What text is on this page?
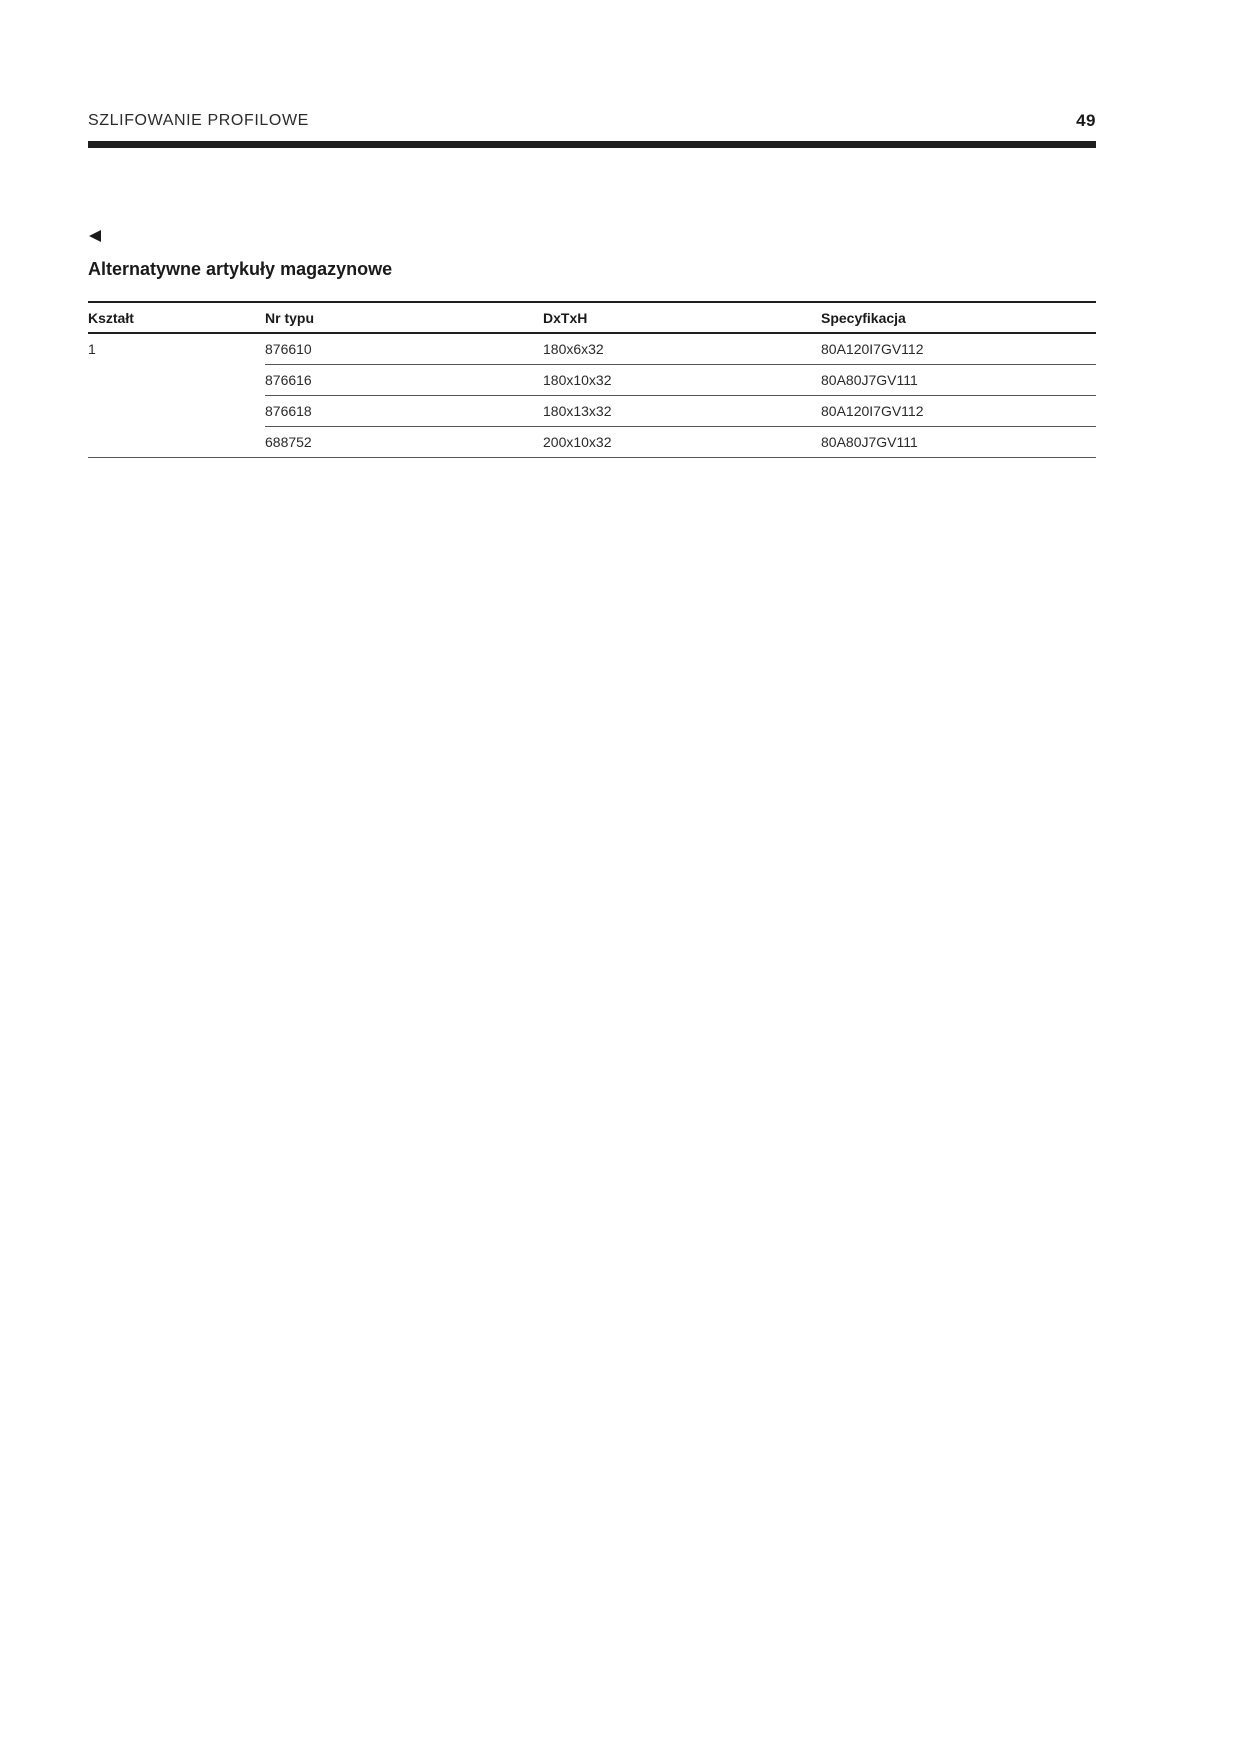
SZLIFOWANIE PROFILOWE	49
Alternatywne artykuły magazynowe
Kształt	Nr typu	DxTxH	Specyfikacja
1	876610	180x6x32	80A120I7GV112
	876616	180x10x32	80A80J7GV111
	876618	180x13x32	80A120I7GV112
	688752	200x10x32	80A80J7GV111
